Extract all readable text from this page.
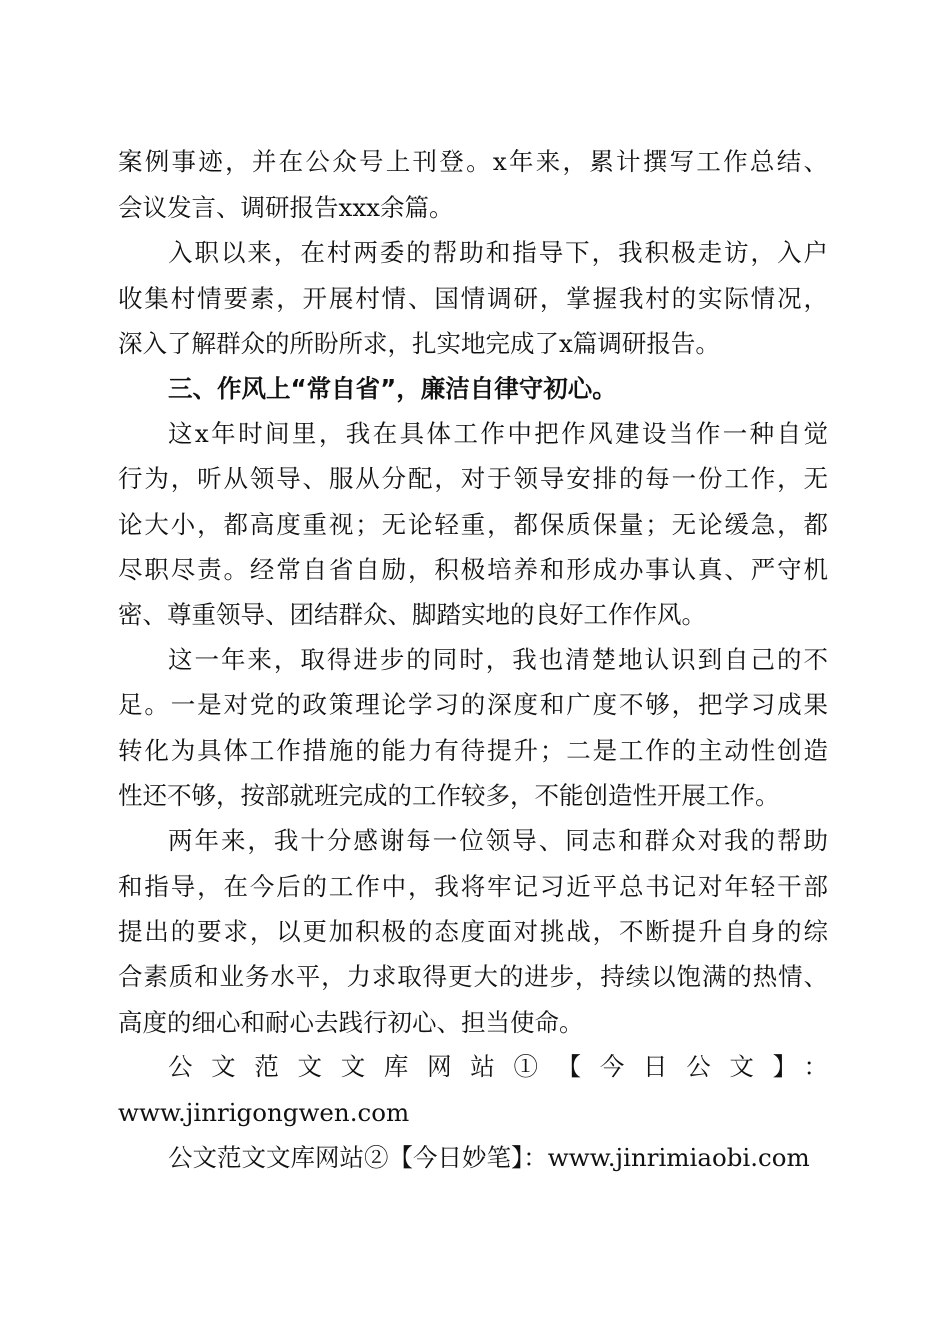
案例事迹，并在公众号上刊登。x年来，累计撰写工作总结、
会议发言、调研报告xxx余篇。
入职以来，在村两委的帮助和指导下，我积极走访，入户
收集村情要素，开展村情、国情调研，掌握我村的实际情况，
深入了解群众的所盼所求，扎实地完成了x篇调研报告。
三、作风上“常自省”，廉洁自律守初心。
这x年时间里，我在具体工作中把作风建设当作一种自觉
行为，听从领导、服从分配，对于领导安排的每一份工作，无
论大小，都高度重视；无论轻重，都保质保量；无论缓急，都
尽职尽责。经常自省自励，积极培养和形成办事认真、严守机
密、尊重领导、团结群众、脚踏实地的良好工作作风。
这一年来，取得进步的同时，我也清楚地认识到自己的不
足。一是对党的政策理论学习的深度和广度不够，把学习成果
转化为具体工作措施的能力有待提升；二是工作的主动性创造
性还不够，按部就班完成的工作较多，不能创造性开展工作。
两年来，我十分感谢每一位领导、同志和群众对我的帮助
和指导，在今后的工作中，我将牢记习近平总书记对年轻干部
提出的要求，以更加积极的态度面对挑战，不断提升自身的综
合素质和业务水平，力求取得更大的进步，持续以饱满的热情、
高度的细心和耐心去践行初心、担当使命。
公文范文文库网站①【今日公文】：
www.jinrigongwen.com
公文范文文库网站②【今日妙笔】：www.jinrimiaobi.com
